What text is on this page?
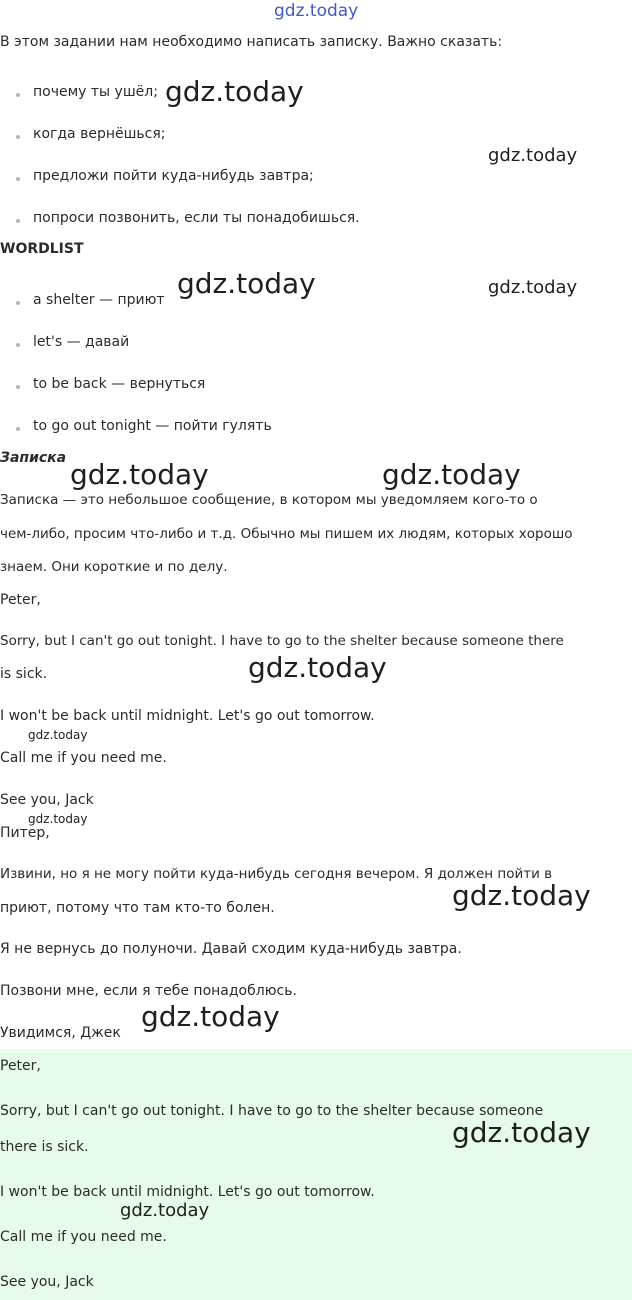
В этом задании нам необходимо написать записку. Важно сказать:
почему ты ушёл;
когда вернёшься;
предложи пойти куда-нибудь завтра;
попроси позвонить, если ты понадобишься.
WORDLIST
a shelter — приют
let's — давай
to be back — вернуться
to go out tonight — пойти гулять
Записка
Записка — это небольшое сообщение, в котором мы уведомляем кого-то о
чем-либо, просим что-либо и т.д. Обычно мы пишем их людям, которых хорошо
знаем. Они короткие и по делу.
Peter,
Sorry, but I can't go out tonight. I have to go to the shelter because someone there
is sick.
I won't be back until midnight. Let's go out tomorrow.
Call me if you need me.
See you, Jack
Питер,
Извини, но я не могу пойти куда-нибудь сегодня вечером. Я должен пойти в
приют, потому что там кто-то болен.
Я не вернусь до полуночи. Давай сходим куда-нибудь завтра.
Позвони мне, если я тебе понадоблюсь.
Увидимся, Джек
Peter,
Sorry, but I can't go out tonight. I have to go to the shelter because someone
there is sick.
I won't be back until midnight. Let's go out tomorrow.
Call me if you need me.
See you, Jack
gdz.today
gdz.today
gdz.today
gdz.today	gdz.today
gdz.today	gdz.today
gdz.today
gdz.today
gdz.today
gdz.today
gdz.today
gdz.today
gdz.today
